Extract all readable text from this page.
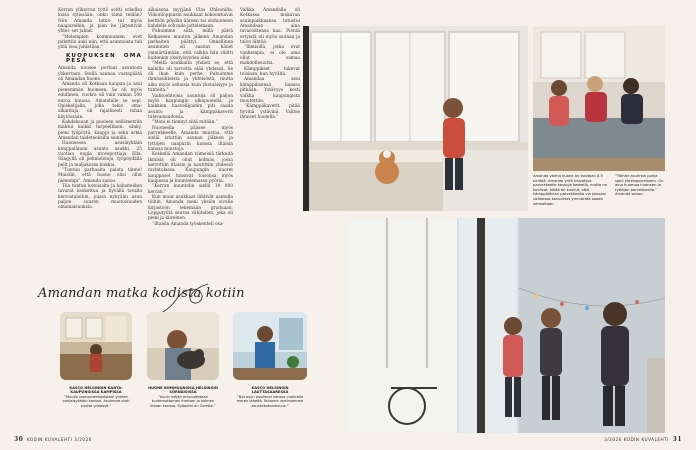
Kerran ylikerran tyttö soitti orkellsa kissa sylissään: onko tämä teidän? Niin Amanda tutus- tui myös naapureihin, ja pian he järjestivät yhtei- set juhlat.

”Molempien kommuunien ovet pidettiin auki niin, että asunnoista tuli yhtä isoa juhlatilaa.”

KUOPUKSEN OMA PESÄ

Amanda nousee portaat asuntoon ylikerrasn. Stellä saunaa vastapäätä oli Amandan huone.

Amanda oli Kotkaan kaupan ja asui pienemmän huoneen. Se oli myös edullinen, vuokra oli vain vaman 500 euroa kuussa. Amandalle se sopi. Opiskelijalla, jolla tekis oma- alkaittaja, oli rajallisesti rahaa käytössään.

Kahdeksaan ja puoleen neliömetriin mahtui kaikki tarpeellinen: sänky, pieni työpöytä, kaappi ja sekä arkiä Amandan taideteoksilla seinillä.

Huoneessa asusinyktäin kimppaläinen asunto asukki, 25 vuotiaa engla ntoseportiaja Ella. Sängyllä oli pehmoleluja, työpöydällä pelit ja maljakossa kukkia.

”Tuntuu parhaalta palata tänne! Muistin, että huone olisi ollut pienempi”, Amanda sanoo.

Tila tuntuu kotoisalta ja kalusteiden tavarat koskettuu ja hyvällä tavalla kerrostaloihin, joissa nykyään asuu paljon suuren muotoisuuden omainaisuuksia.

aikaisena myyjänä Clas Ohlsonilla. Viikonloppuisin asukkaat kokoontuivat keittiön pöydän ääreen tai olohuoneen kahdelle sohvalle juttelemaan.

Puhuimme siitä, millä päivä Kelkaseen muuton jälkeen Amandan parhaiten päättyi. Onnellinen asuminen oli saanut hänet ymmärtämään, että valkka hän välitti kuitenkin yksityisyyden aika.

”Meitä asukkaita yhdisti se, että kaikilla oli tarvetta elää yhdessä. Se oli ihan kuin perhe. Puhuimme ihmissuhteista ja yhteisöstä, mutta aika myös sellaisia kuin yksinäisyys ja tunteita.”

Vaihtoehtoisia asuntoja oli paljon myös kaupungin ulkopuolella, ja kaikkien haaveilijoiden piti saada asunto ja kämppäkaverit tulevaisuudessa.

”Moni ei tiennyt siitä mitään.”

Huoneella pääsee myös parvekkeelle. Amanda muistaa, että siellä istuttiin saunan jälkeen ja tyttöjen naapurin kanssa iltaisin kanssa muistoja.

Keskellä Amandan viimeisiä tärkeitä ihmisiä oli ollut kolmas, jossa kerrottiin iltaisin ja nautittiin yhdessä ravintolassa. Kaupungin nuoret kauppaset tunsivat toisensa myös kaupassa ja kuuntelemassa pyöriä.

”Kerran kuuntelin siellä 10 000 kerran.”

Kun muut asukkaat lähtivät aamulla töihin, Amanda meni yksiön sivulle kirjastoon tekemään graduaan. Lopputyötä seuraa vähitellen, joka oli pieni ja kiireinen.

”Iltaisin Amanda työskenteli osa-

Valkka Amandalla oli Kotkassa mukavaa asuinpaikkaansa tutustui Amandaan aina tavaroittensa kaa. Pientä ertyistä oli myös saunaa ja talon lähtöä.

”Ihmisillä, jotka ovat vanhempia, ei ole aina ollut samaa mahdollisuutta.

Kämppikset tukevat toisiaan, kun hyvältä.

Amandaa asui kämppiksensä kanssa pitkään. Ystävyys kesti vaikka kaupungista muutettiin.

”Kämppäkaverit pitää hyvinä ystävinä. Valitse ihmiset huolella.”

Amandan matka kodista kotiin
KASCO HELSINGIN KANTA-KAUPUNGISSA KAMPISSA
”Muutin lapsuudenkodistani yhteen pohjaisyöhäni kanssa. Asuimme siisti suutta yhdessä.”
HUONE KOMMUUNISSA HELSINGIN SÖRNÄISISSÄ
”Asuin neljän entuudestaan tuntemattoman ihmisen ja kolmen kissan kanssa. Syöadmi on Colette.”
KASCO HELSINGIN LAUTTASAARESSA
”Nyt asun puolisoni kanssa vuokralla meren läheltä. Ihdanne unelmiemme asuntokokonaisuus.”
30 KODIN KUVALEHTI 3/2026
Amanda vanha huone on tuoltaan 8,5 neliötä. Amanda yritti kaivattua parvekkeelle kasvuja keskellä, mutta ne kuolivat. Nöitä on kuullut, että kämppäläinen parvekkeelta voi joissain valtaessa kasvukset ymmärtää saada versioitaan.
”Tämän asunnon pohja sopii yhteisasumiseen. On aina huomoa huoneen ja tyttöjen parvekkeelle.” Amanda sanoo.
3/2026 KODIN KUVALEHTI 31
